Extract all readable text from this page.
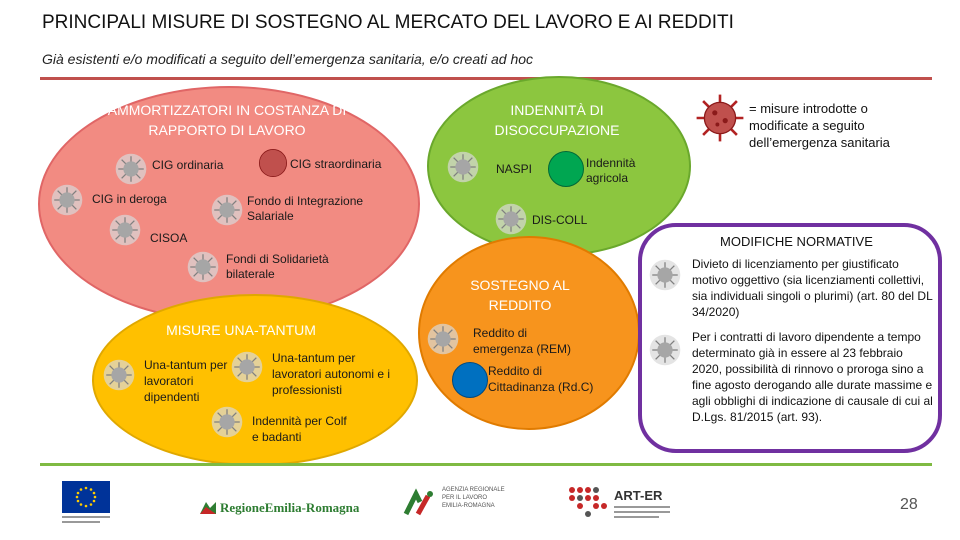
PRINCIPALI MISURE DI SOSTEGNO AL MERCATO DEL LAVORO E AI REDDITI
Già esistenti e/o modificati a seguito dell’emergenza sanitaria, e/o creati ad hoc
= misure introdotte o modificate a seguito dell’emergenza sanitaria
AMMORTIZZATORI IN COSTANZA DI RAPPORTO DI LAVORO
CIG ordinaria	CIG straordinaria
CIG in deroga	Fondo di Integrazione Salariale
CISOA
Fondi di Solidarietà bilaterale
INDENNITÀ DI DISOCCUPAZIONE
NASPI	Indennità agricola
DIS-COLL
SOSTEGNO AL REDDITO
Reddito di emergenza (REM)
Reddito di Cittadinanza (Rd.C)
MISURE UNA-TANTUM
Una-tantum per lavoratori dipendenti
Una-tantum per lavoratori autonomi e i professionisti
Indennità per Colf e badanti
MODIFICHE NORMATIVE
Divieto di licenziamento per giustificato motivo oggettivo (sia licenziamenti collettivi, sia individuali singoli o plurimi) (art. 80 del DL 34/2020)
Per i contratti di lavoro dipendente a tempo determinato già in essere al 23 febbraio 2020, possibilità di rinnovo o proroga sino a fine agosto derogando alle durate massime e agli obblighi di indicazione di causale di cui al D.Lgs. 81/2015 (art. 93).
RegioneEmilia-Romagna
AGENZIA REGIONALE PER IL LAVORO EMILIA-ROMAGNA
ART-ER
28
